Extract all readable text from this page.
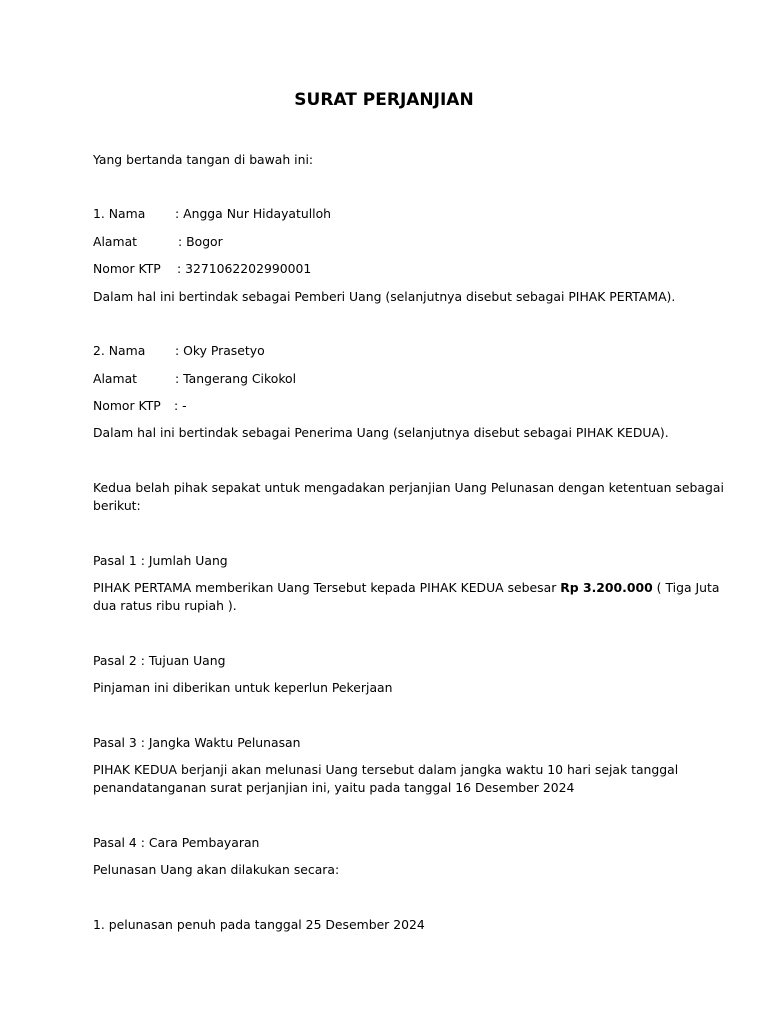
SURAT PERJANJIAN
Yang bertanda tangan di bawah ini:
1. Nama : Angga Nur Hidayatulloh
Alamat	: Bogor
Nomor KTP : 3271062202990001
Dalam hal ini bertindak sebagai Pemberi Uang (selanjutnya disebut sebagai PIHAK PERTAMA).
2. Nama : Oky Prasetyo
Alamat	: Tangerang Cikokol
Nomor KTP : -
Dalam hal ini bertindak sebagai Penerima Uang (selanjutnya disebut sebagai PIHAK KEDUA).
Kedua belah pihak sepakat untuk mengadakan perjanjian Uang Pelunasan dengan ketentuan sebagai
berikut:
Pasal 1 : Jumlah Uang
PIHAK PERTAMA memberikan Uang Tersebut kepada PIHAK KEDUA sebesar Rp 3.200.000 ( Tiga Juta
dua ratus ribu rupiah ).
Pasal 2 : Tujuan Uang
Pinjaman ini diberikan untuk keperlun Pekerjaan
Pasal 3 : Jangka Waktu Pelunasan
PIHAK KEDUA berjanji akan melunasi Uang tersebut dalam jangka waktu 10 hari sejak tanggal
penandatanganan surat perjanjian ini, yaitu pada tanggal 16 Desember 2024
Pasal 4 : Cara Pembayaran
Pelunasan Uang akan dilakukan secara:
1. pelunasan penuh pada tanggal 25 Desember 2024
